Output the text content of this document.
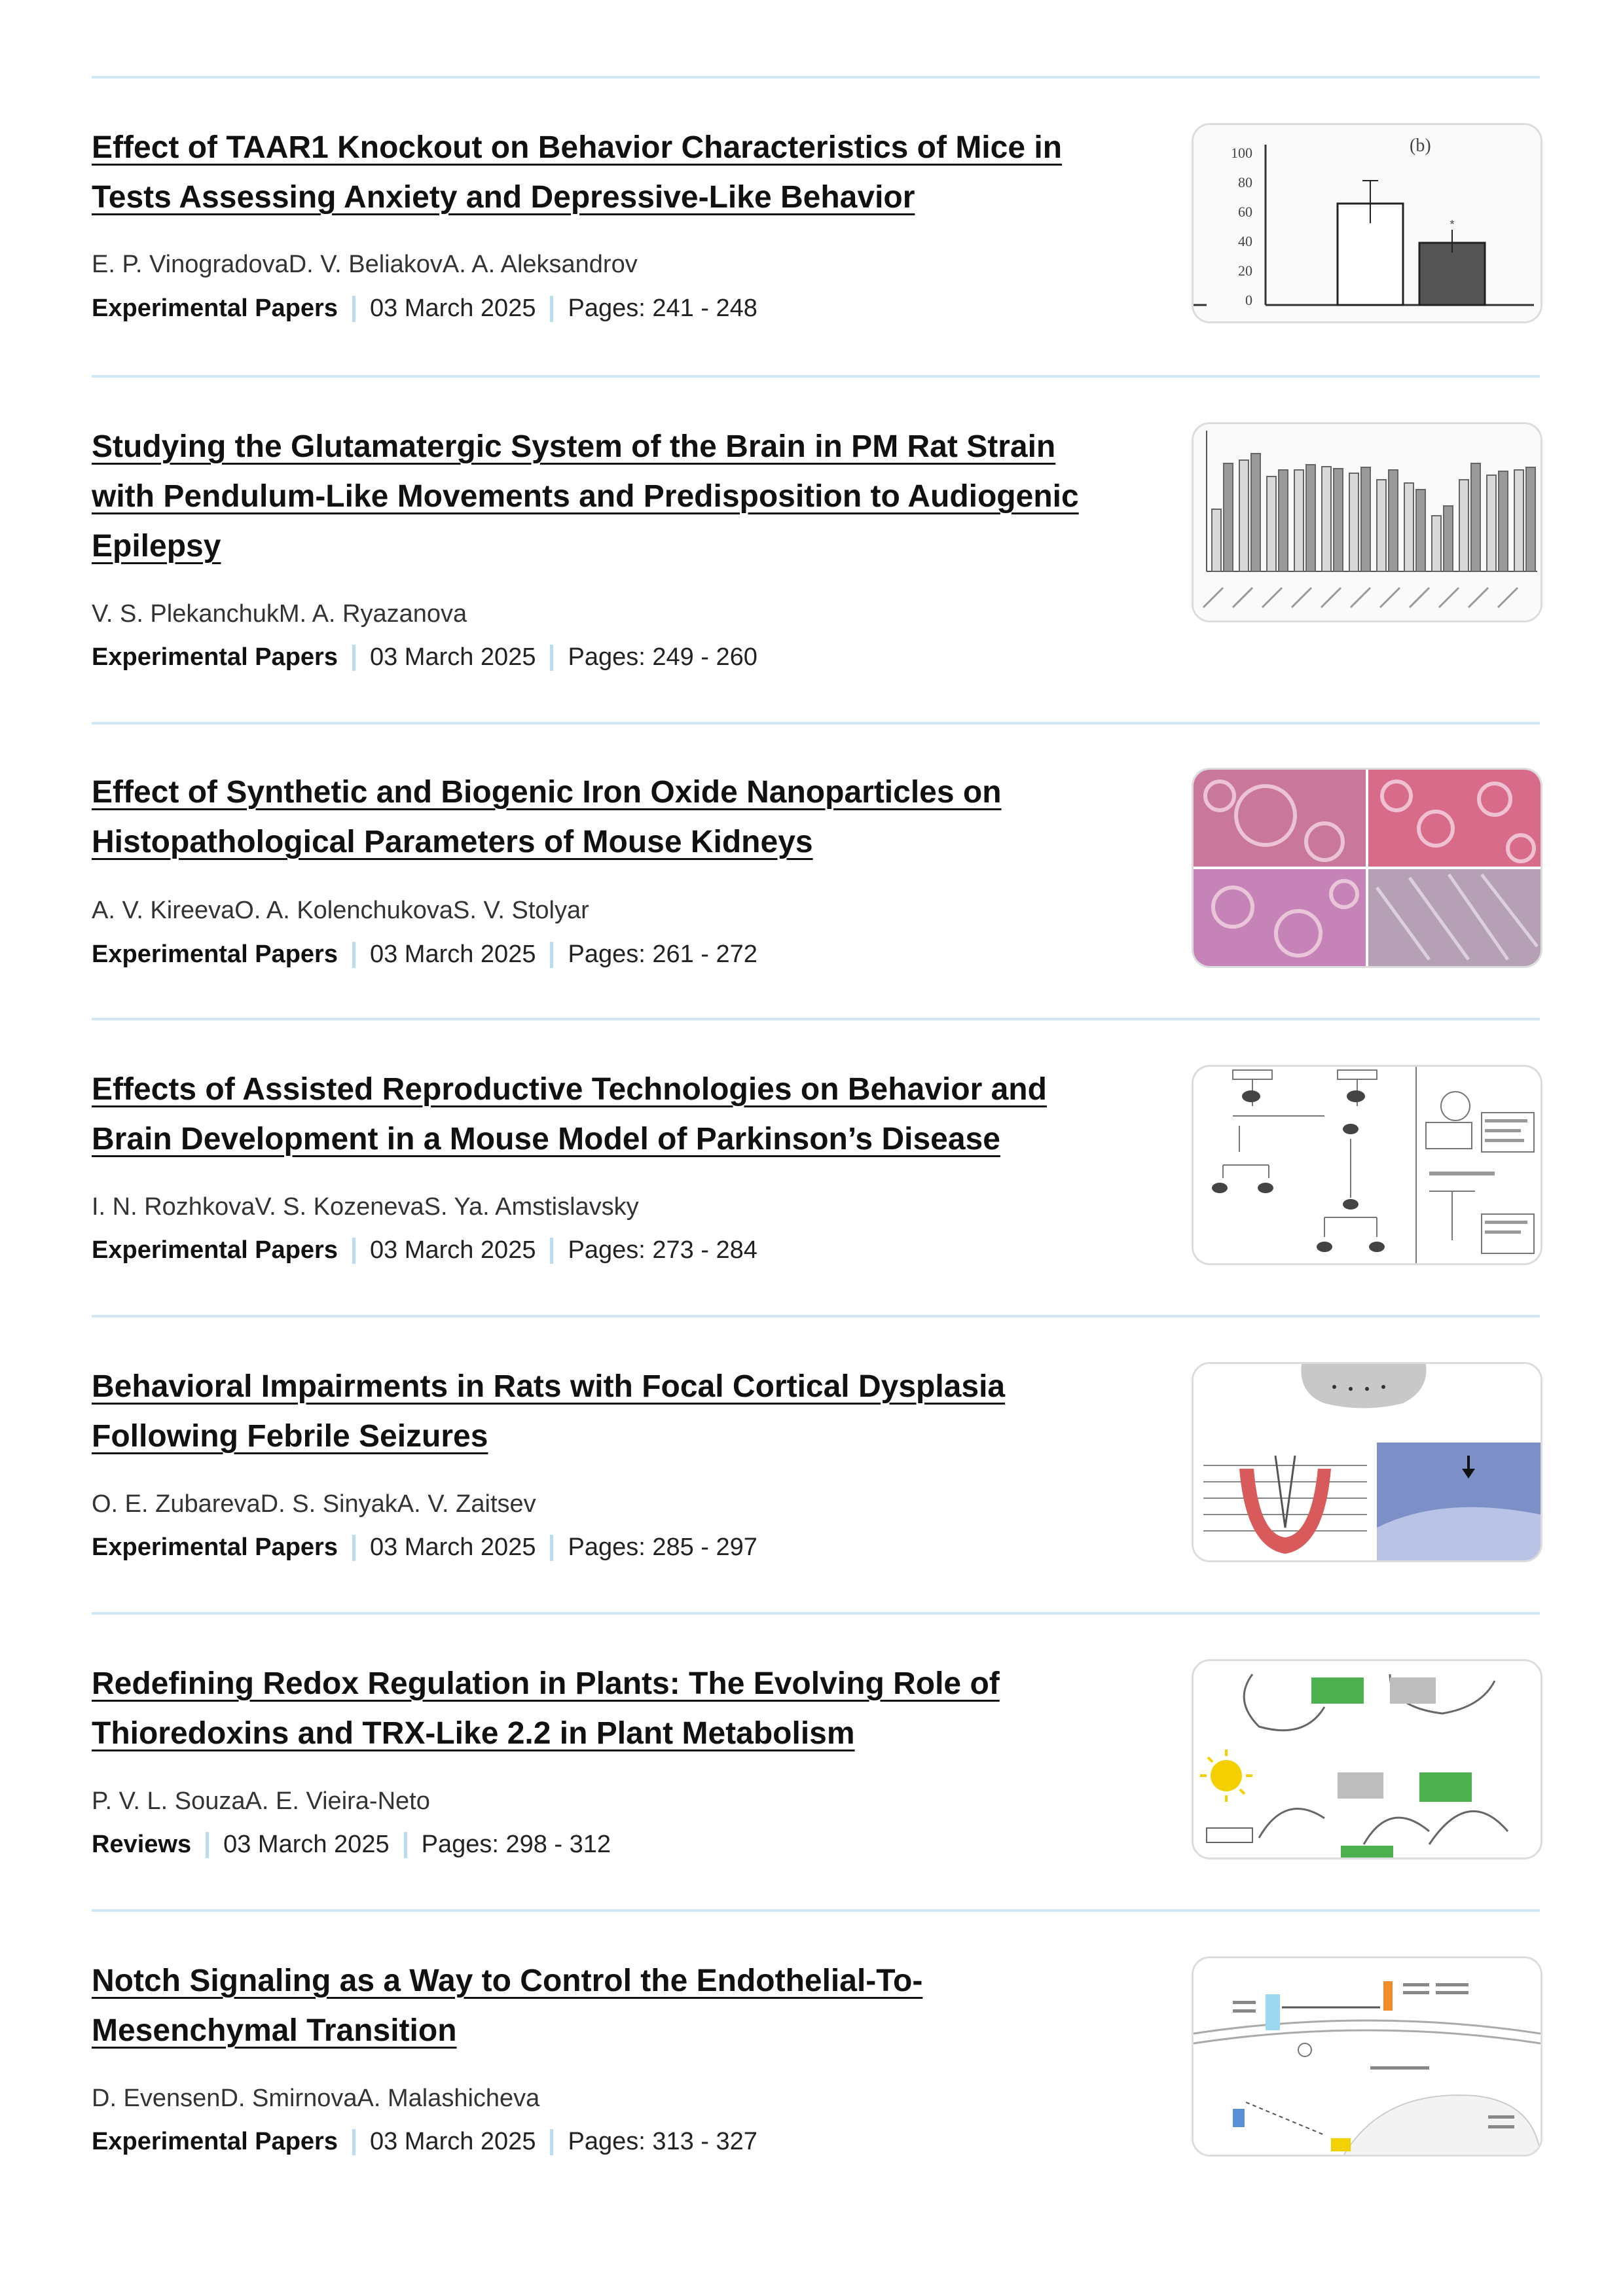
Effect of TAAR1 Knockout on Behavior Characteristics of Mice in Tests Assessing Anxiety and Depressive-Like Behavior
E. P. VinogradovaD. V. BeliakovA. A. Aleksandrov
Experimental Papers 03 March 2025 Pages: 241 - 248
100
80
60
40
20
0
(b)
*
Studying the Glutamatergic System of the Brain in PM Rat Strain with Pendulum-Like Movements and Predisposition to Audiogenic Epilepsy
V. S. PlekanchukM. A. Ryazanova
Experimental Papers 03 March 2025 Pages: 249 - 260
Effect of Synthetic and Biogenic Iron Oxide Nanoparticles on Histopathological Parameters of Mouse Kidneys
A. V. KireevaO. A. KolenchukovaS. V. Stolyar
Experimental Papers 03 March 2025 Pages: 261 - 272
Effects of Assisted Reproductive Technologies on Behavior and Brain Development in a Mouse Model of Parkinson’s Disease
I. N. RozhkovaV. S. KozenevaS. Ya. Amstislavsky
Experimental Papers 03 March 2025 Pages: 273 - 284
Behavioral Impairments in Rats with Focal Cortical Dysplasia Following Febrile Seizures
O. E. ZubarevaD. S. SinyakA. V. Zaitsev
Experimental Papers 03 March 2025 Pages: 285 - 297
Redefining Redox Regulation in Plants: The Evolving Role of Thioredoxins and TRX-Like 2.2 in Plant Metabolism
P. V. L. SouzaA. E. Vieira-Neto
Reviews 03 March 2025 Pages: 298 - 312
Notch Signaling as a Way to Control the Endothelial-To-Mesenchymal Transition
D. EvensenD. SmirnovaA. Malashicheva
Experimental Papers 03 March 2025 Pages: 313 - 327
